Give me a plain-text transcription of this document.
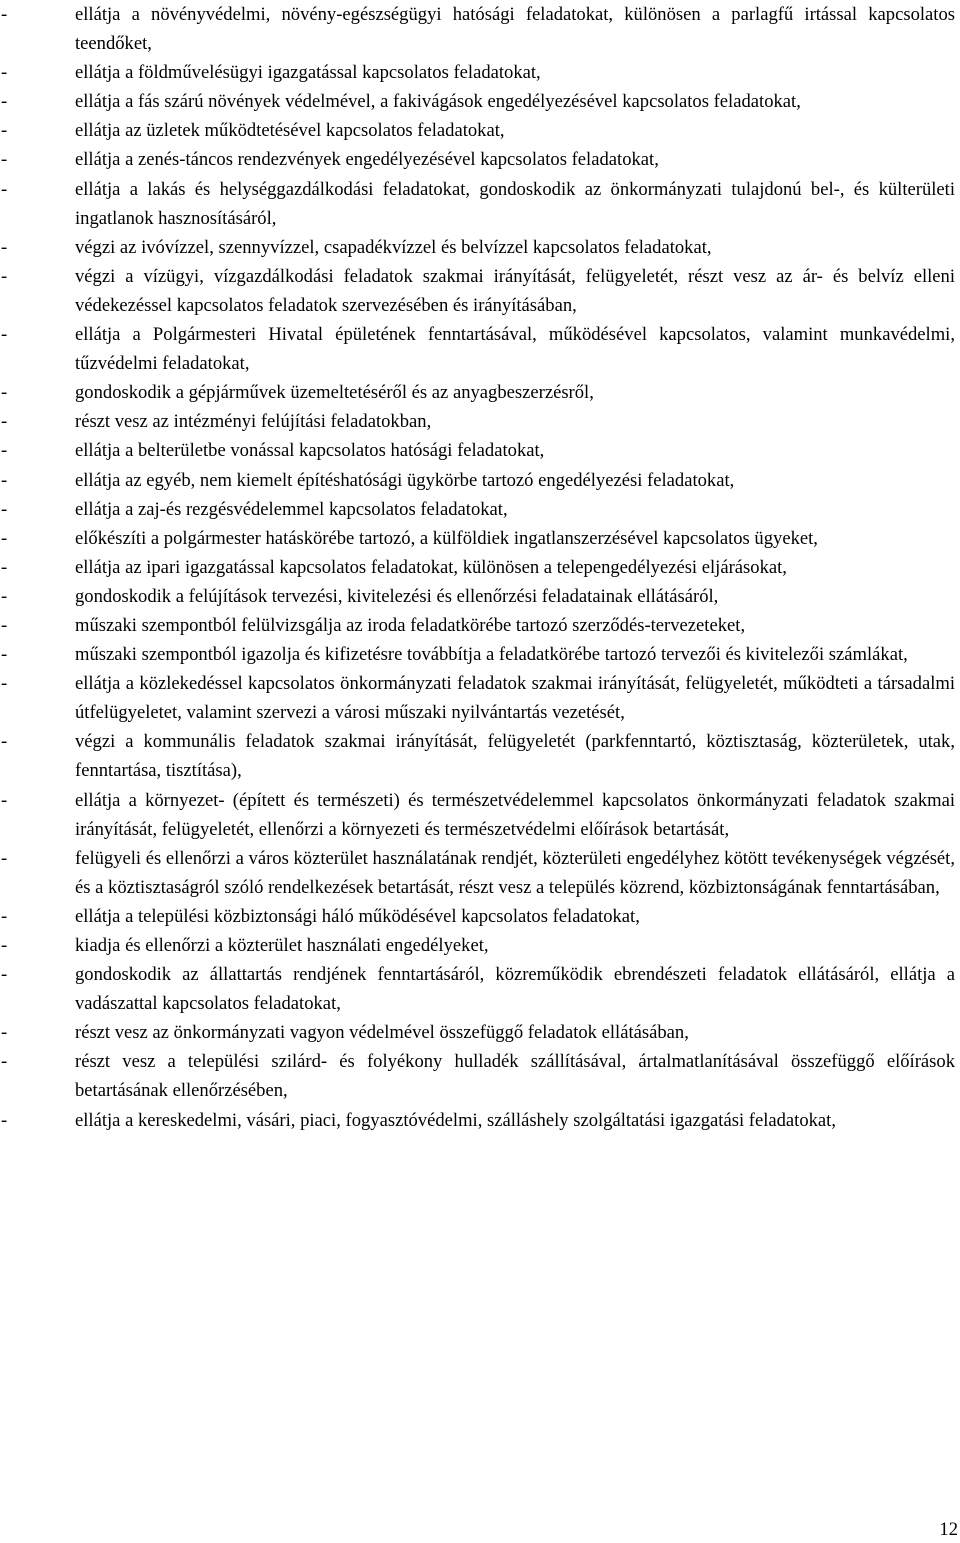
-	ellátja a növényvédelmi, növény-egészségügyi hatósági feladatokat, különösen a parlagfű irtással kapcsolatos teendőket,
-	ellátja a földművelésügyi igazgatással kapcsolatos feladatokat,
-	ellátja a fás szárú növények védelmével, a fakivágások engedélyezésével kapcsolatos feladatokat,
-	ellátja az üzletek működtetésével kapcsolatos feladatokat,
-	ellátja a zenés-táncos rendezvények engedélyezésével kapcsolatos feladatokat,
-	ellátja a lakás és helységgazdálkodási feladatokat, gondoskodik az önkormányzati tulajdonú bel-, és külterületi ingatlanok hasznosításáról,
-	végzi az ivóvízzel, szennyvízzel, csapadékvízzel és belvízzel kapcsolatos feladatokat,
-	végzi a vízügyi, vízgazdálkodási feladatok szakmai irányítását, felügyeletét, részt vesz az ár- és belvíz elleni védekezéssel kapcsolatos feladatok szervezésében és irányításában,
-	ellátja a Polgármesteri Hivatal épületének fenntartásával, működésével kapcsolatos, valamint munkavédelmi, tűzvédelmi feladatokat,
-	gondoskodik a gépjárművek üzemeltetéséről és az anyagbeszerzésről,
-	részt vesz az intézményi felújítási feladatokban,
-	ellátja a belterületbe vonással kapcsolatos hatósági feladatokat,
-	ellátja az egyéb, nem kiemelt építéshatósági ügykörbe tartozó engedélyezési feladatokat,
-	ellátja a zaj-és rezgésvédelemmel kapcsolatos feladatokat,
-	előkészíti a polgármester hatáskörébe tartozó, a külföldiek ingatlanszerzésével kapcsolatos ügyeket,
-	ellátja az ipari igazgatással kapcsolatos feladatokat, különösen a telepengedélyezési eljárásokat,
-	gondoskodik a felújítások tervezési, kivitelezési és ellenőrzési feladatainak ellátásáról,
-	műszaki szempontból felülvizsgálja az iroda feladatkörébe tartozó szerződés-tervezeteket,
-	műszaki szempontból igazolja és kifizetésre továbbítja a feladatkörébe tartozó tervezői és kivitelezői számlákat,
-	ellátja a közlekedéssel kapcsolatos önkormányzati feladatok szakmai irányítását, felügyeletét, működteti a társadalmi útfelügyeletet, valamint szervezi a városi műszaki nyilvántartás vezetését,
-	végzi a kommunális feladatok szakmai irányítását, felügyeletét (parkfenntartó, köztisztaság, közterületek, utak, fenntartása, tisztítása),
-	ellátja a környezet- (épített és természeti) és természetvédelemmel kapcsolatos önkormányzati feladatok szakmai irányítását, felügyeletét, ellenőrzi a környezeti és természetvédelmi előírások betartását,
-	felügyeli és ellenőrzi a város közterület használatának rendjét, közterületi engedélyhez kötött tevékenységek végzését, és a köztisztaságról szóló rendelkezések betartását, részt vesz a település közrend, közbiztonságának fenntartásában,
-	ellátja a települési közbiztonsági háló működésével kapcsolatos feladatokat,
-	kiadja és ellenőrzi a közterület használati engedélyeket,
-	gondoskodik az állattartás rendjének fenntartásáról, közreműködik ebrendészeti feladatok ellátásáról, ellátja a vadászattal kapcsolatos feladatokat,
-	részt vesz az önkormányzati vagyon védelmével összefüggő feladatok ellátásában,
-	részt vesz a települési szilárd- és folyékony hulladék szállításával, ártalmatlanításával összefüggő előírások betartásának ellenőrzésében,
-	ellátja a kereskedelmi, vásári, piaci, fogyasztóvédelmi, szálláshely szolgáltatási igazgatási feladatokat,
12
